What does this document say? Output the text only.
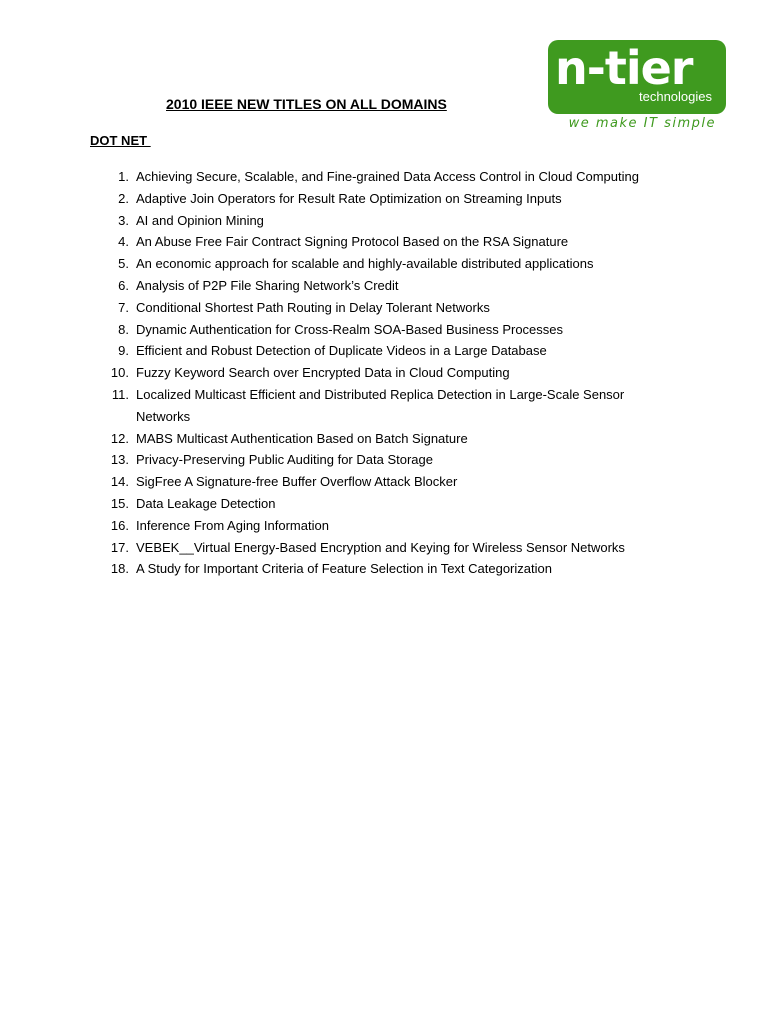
n-tier
technologies
we make IT simple
2010 IEEE NEW TITLES ON ALL DOMAINS
DOT NET
1. Achieving Secure, Scalable, and Fine-grained Data Access Control in Cloud Computing
2. Adaptive Join Operators for Result Rate Optimization on Streaming Inputs
3. AI and Opinion Mining
4. An Abuse Free Fair Contract Signing Protocol Based on the RSA Signature
5. An economic approach for scalable and highly-available distributed applications
6. Analysis of P2P File Sharing Network’s Credit
7. Conditional Shortest Path Routing in Delay Tolerant Networks
8. Dynamic Authentication for Cross-Realm SOA-Based Business Processes
9. Efficient and Robust Detection of Duplicate Videos in a Large Database
10. Fuzzy Keyword Search over Encrypted Data in Cloud Computing
11. Localized Multicast Efficient and Distributed Replica Detection in Large-Scale Sensor Networks
12. MABS Multicast Authentication Based on Batch Signature
13. Privacy-Preserving Public Auditing for Data Storage
14. SigFree A Signature-free Buffer Overflow Attack Blocker
15. Data Leakage Detection
16. Inference From Aging Information
17. VEBEK__Virtual Energy-Based Encryption and Keying for Wireless Sensor Networks
18. A Study for Important Criteria of Feature Selection in Text Categorization
